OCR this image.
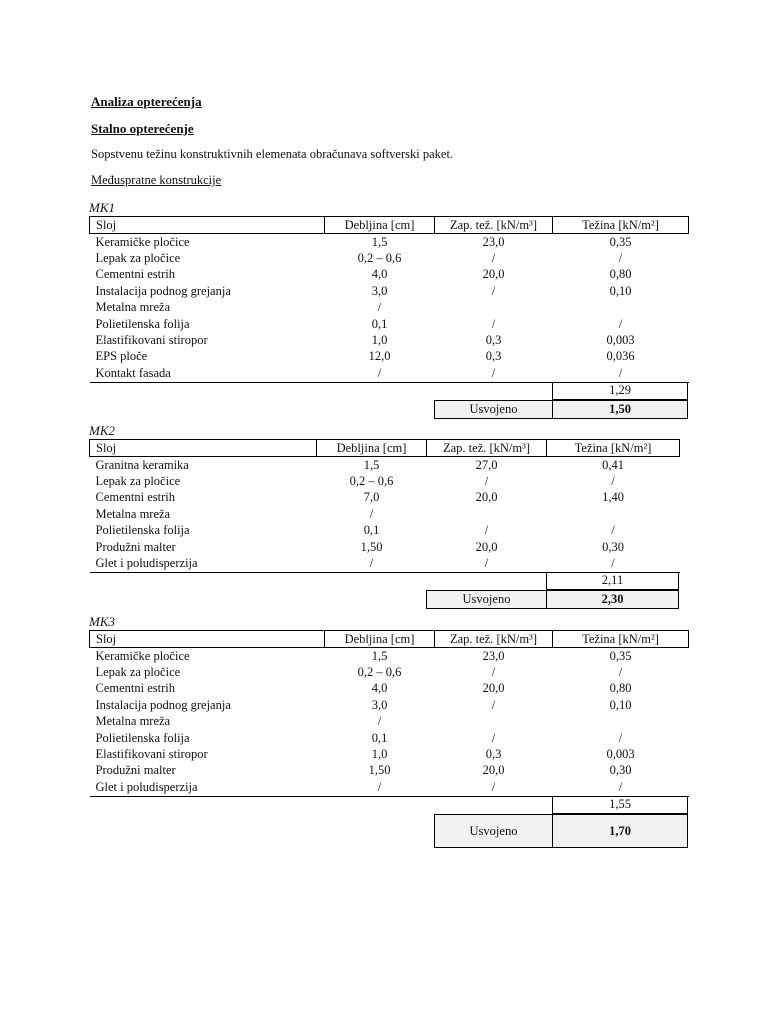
Analiza opterećenja
Stalno opterećenje
Sopstvenu težinu konstruktivnih elemenata obračunava softverski paket.
Međuspratne konstrukcije
MK1
Sloj	Debljina [cm]	Zap. tež. [kN/m³]	Težina [kN/m²]
Keramičke pločice	1,5	23,0	0,35
Lepak za pločice	0,2 – 0,6	/	/
Cementni estrih	4,0	20,0	0,80
Instalacija podnog grejanja	3,0	/	0,10
Metalna mreža	/		
Polietilenska folija	0,1	/	/
Elastifikovani stiropor	1,0	0,3	0,003
EPS ploče	12,0	0,3	0,036
Kontakt fasada	/	/	/
1,29
Usvojeno	1,50
MK2
Sloj	Debljina [cm]	Zap. tež. [kN/m³]	Težina [kN/m²]
Granitna keramika	1,5	27,0	0,41
Lepak za pločice	0,2 – 0,6	/	/
Cementni estrih	7,0	20,0	1,40
Metalna mreža	/		
Polietilenska folija	0,1	/	/
Produžni malter	1,50	20,0	0,30
Glet i poludisperzija	/	/	/
2,11
Usvojeno	2,30
MK3
Sloj	Debljina [cm]	Zap. tež. [kN/m³]	Težina [kN/m²]
Keramičke pločice	1,5	23,0	0,35
Lepak za pločice	0,2 – 0,6	/	/
Cementni estrih	4,0	20,0	0,80
Instalacija podnog grejanja	3,0	/	0,10
Metalna mreža	/		
Polietilenska folija	0,1	/	/
Elastifikovani stiropor	1,0	0,3	0,003
Produžni malter	1,50	20,0	0,30
Glet i poludisperzija	/	/	/
1,55
Usvojeno	1,70
